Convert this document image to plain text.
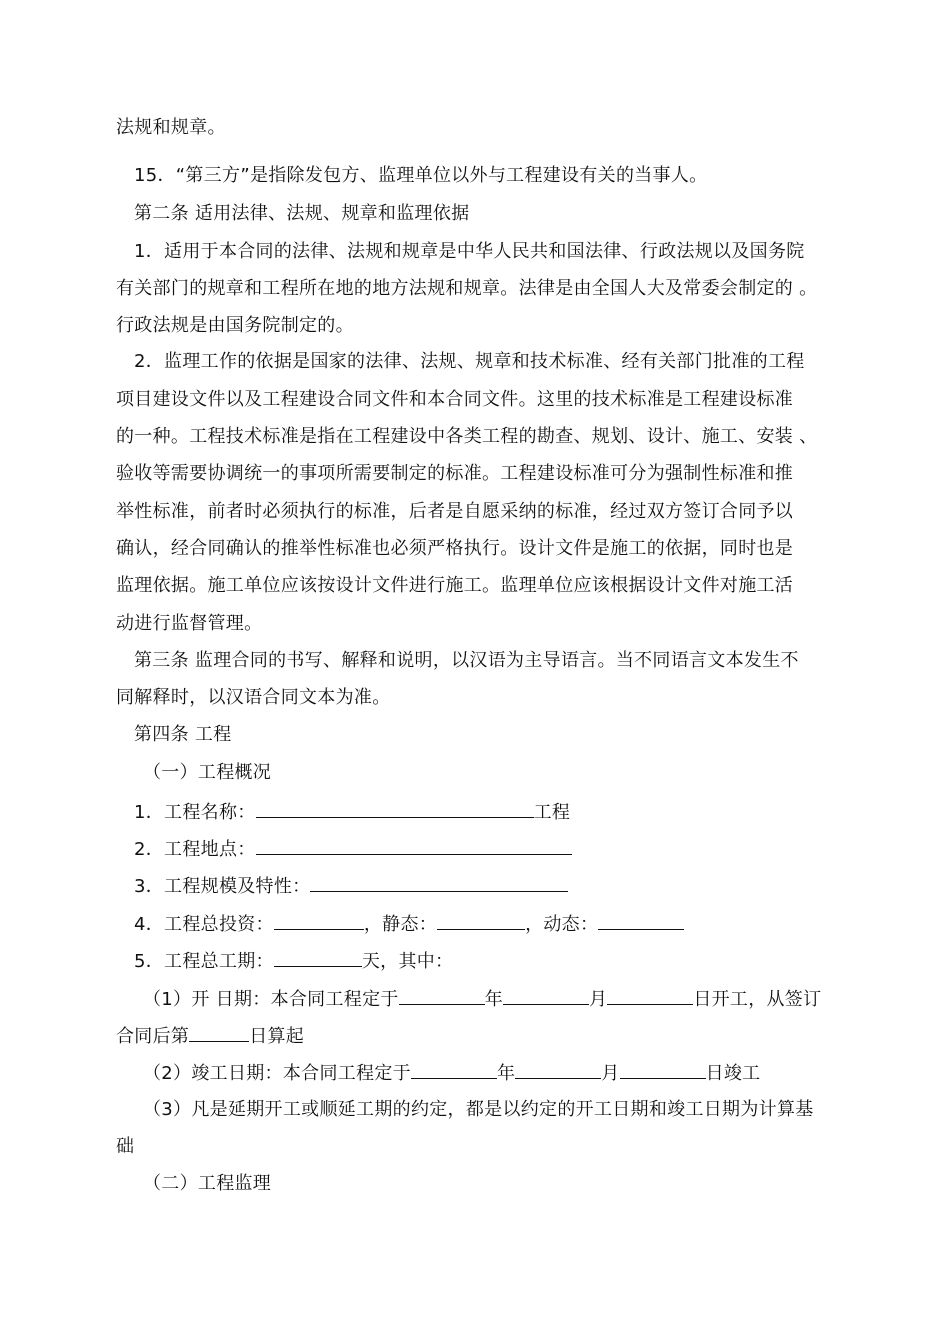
法规和规章。
15．“第三方”是指除发包方、监理单位以外与工程建设有关的当事人。
第二条 适用法律、法规、规章和监理依据
1．适用于本合同的法律、法规和规章是中华人民共和国法律、行政法规以及国务院
有关部门的规章和工程所在地的地方法规和规章。法律是由全国人大及常委会制定的 。
行政法规是由国务院制定的。
2．监理工作的依据是国家的法律、法规、规章和技术标准、经有关部门批准的工程
项目建设文件以及工程建设合同文件和本合同文件。这里的技术标准是工程建设标准
的一种。工程技术标准是指在工程建设中各类工程的勘查、规划、设计、施工、安装 、
验收等需要协调统一的事项所需要制定的标准。工程建设标准可分为强制性标准和推
举性标准，前者时必须执行的标准，后者是自愿采纳的标准，经过双方签订合同予以
确认，经合同确认的推举性标准也必须严格执行。设计文件是施工的依据，同时也是
监理依据。施工单位应该按设计文件进行施工。监理单位应该根据设计文件对施工活
动进行监督管理。
第三条 监理合同的书写、解释和说明，以汉语为主导语言。当不同语言文本发生不
同解释时，以汉语合同文本为准。
第四条 工程
（一）工程概况
1．工程名称：	工程
2．工程地点：
3．工程规模及特性：
4．工程总投资：	，静态：	，动态：
5．工程总工期：	天，其中：
（1）开 日期：本合同工程定于	年	月	日开工，从签订
合同后第	日算起
（2）竣工日期：本合同工程定于	年	月	日竣工
（3）凡是延期开工或顺延工期的约定，都是以约定的开工日期和竣工日期为计算基
础
（二）工程监理
